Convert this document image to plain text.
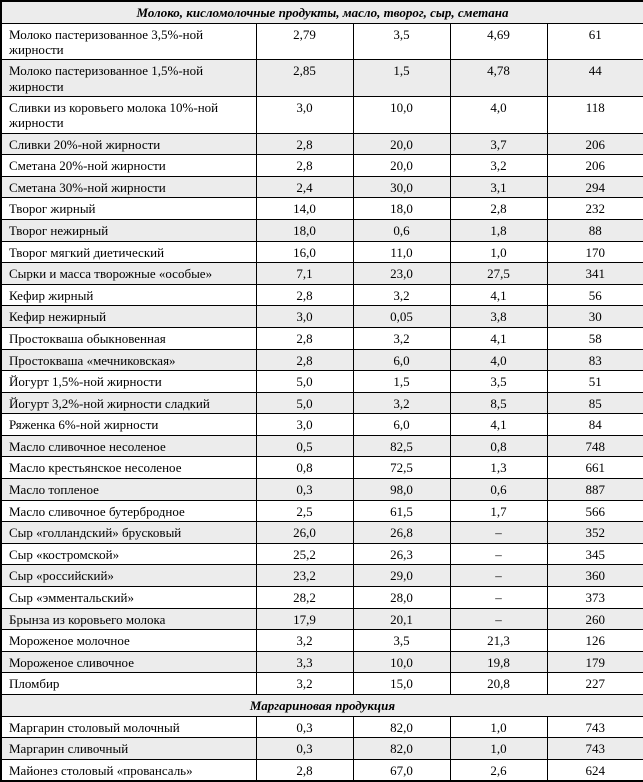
Молоко, кисломолочные продукты, масло, творог, сыр, сметана				
Молоко пастеризованное 3,5%-ной жирности	2,79	3,5	4,69	61
Молоко пастеризованное 1,5%-ной жирности	2,85	1,5	4,78	44
Сливки из коровьего молока 10%-ной жирности	3,0	10,0	4,0	118
Сливки 20%-ной жирности	2,8	20,0	3,7	206
Сметана 20%-ной жирности	2,8	20,0	3,2	206
Сметана 30%-ной жирности	2,4	30,0	3,1	294
Творог жирный	14,0	18,0	2,8	232
Творог нежирный	18,0	0,6	1,8	88
Творог мягкий диетический	16,0	11,0	1,0	170
Сырки и масса творожные «особые»	7,1	23,0	27,5	341
Кефир жирный	2,8	3,2	4,1	56
Кефир нежирный	3,0	0,05	3,8	30
Простокваша обыкновенная	2,8	3,2	4,1	58
Простокваша «мечниковская»	2,8	6,0	4,0	83
Йогурт 1,5%-ной жирности	5,0	1,5	3,5	51
Йогурт 3,2%-ной жирности сладкий	5,0	3,2	8,5	85
Ряженка 6%-ной жирности	3,0	6,0	4,1	84
Масло сливочное несоленое	0,5	82,5	0,8	748
Масло крестьянское несоленое	0,8	72,5	1,3	661
Масло топленое	0,3	98,0	0,6	887
Масло сливочное бутербродное	2,5	61,5	1,7	566
Сыр «голландский» брусковый	26,0	26,8	–	352
Сыр «костромской»	25,2	26,3	–	345
Сыр «российский»	23,2	29,0	–	360
Сыр «эмментальский»	28,2	28,0	–	373
Брынза из коровьего молока	17,9	20,1	–	260
Мороженое молочное	3,2	3,5	21,3	126
Мороженое сливочное	3,3	10,0	19,8	179
Пломбир	3,2	15,0	20,8	227
Маргариновая продукция				
Маргарин столовый молочный	0,3	82,0	1,0	743
Маргарин сливочный	0,3	82,0	1,0	743
Майонез столовый «провансаль»	2,8	67,0	2,6	624
